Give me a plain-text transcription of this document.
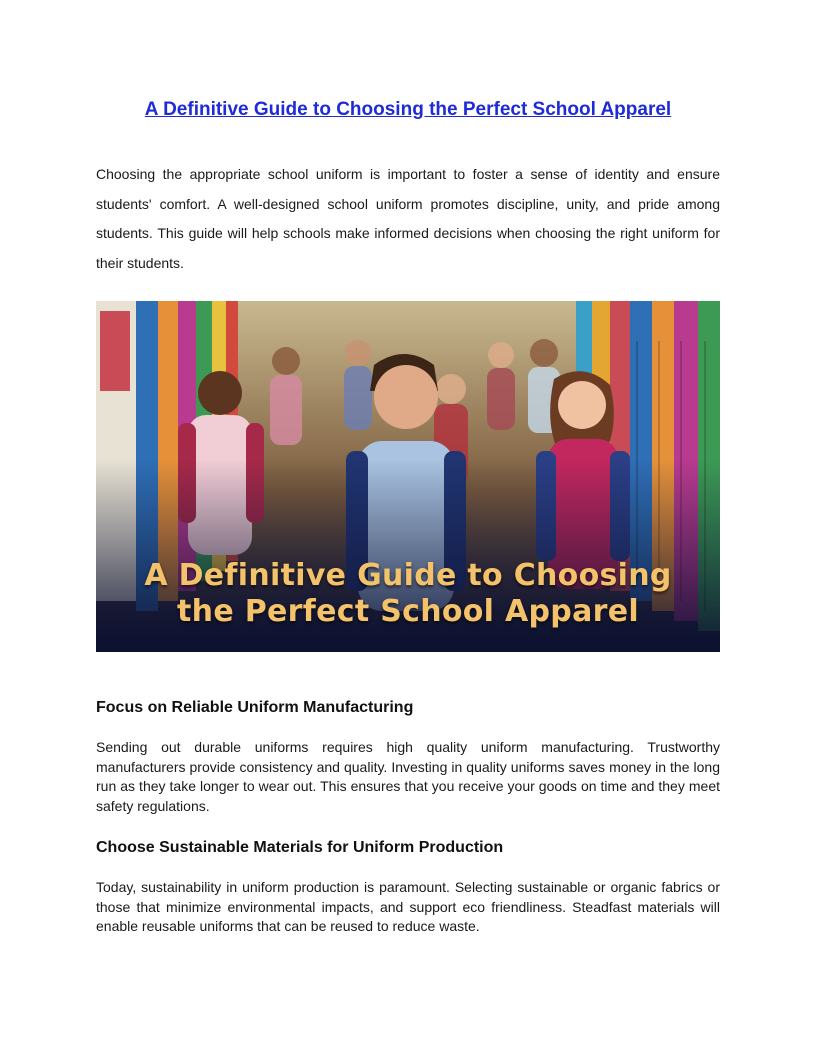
A Definitive Guide to Choosing the Perfect School Apparel

Choosing the appropriate school uniform is important to foster a sense of identity and ensure students' comfort. A well-designed school uniform promotes discipline, unity, and pride among students. This guide will help schools make informed decisions when choosing the right uniform for their students.

A Definitive Guide to Choosing
the Perfect School Apparel

Focus on Reliable Uniform Manufacturing

Sending out durable uniforms requires high quality uniform manufacturing. Trustworthy manufacturers provide consistency and quality. Investing in quality uniforms saves money in the long run as they take longer to wear out. This ensures that you receive your goods on time and they meet safety regulations.

Choose Sustainable Materials for Uniform Production

Today, sustainability in uniform production is paramount. Selecting sustainable or organic fabrics or those that minimize environmental impacts, and support eco friendliness. Steadfast materials will enable reusable uniforms that can be reused to reduce waste.
